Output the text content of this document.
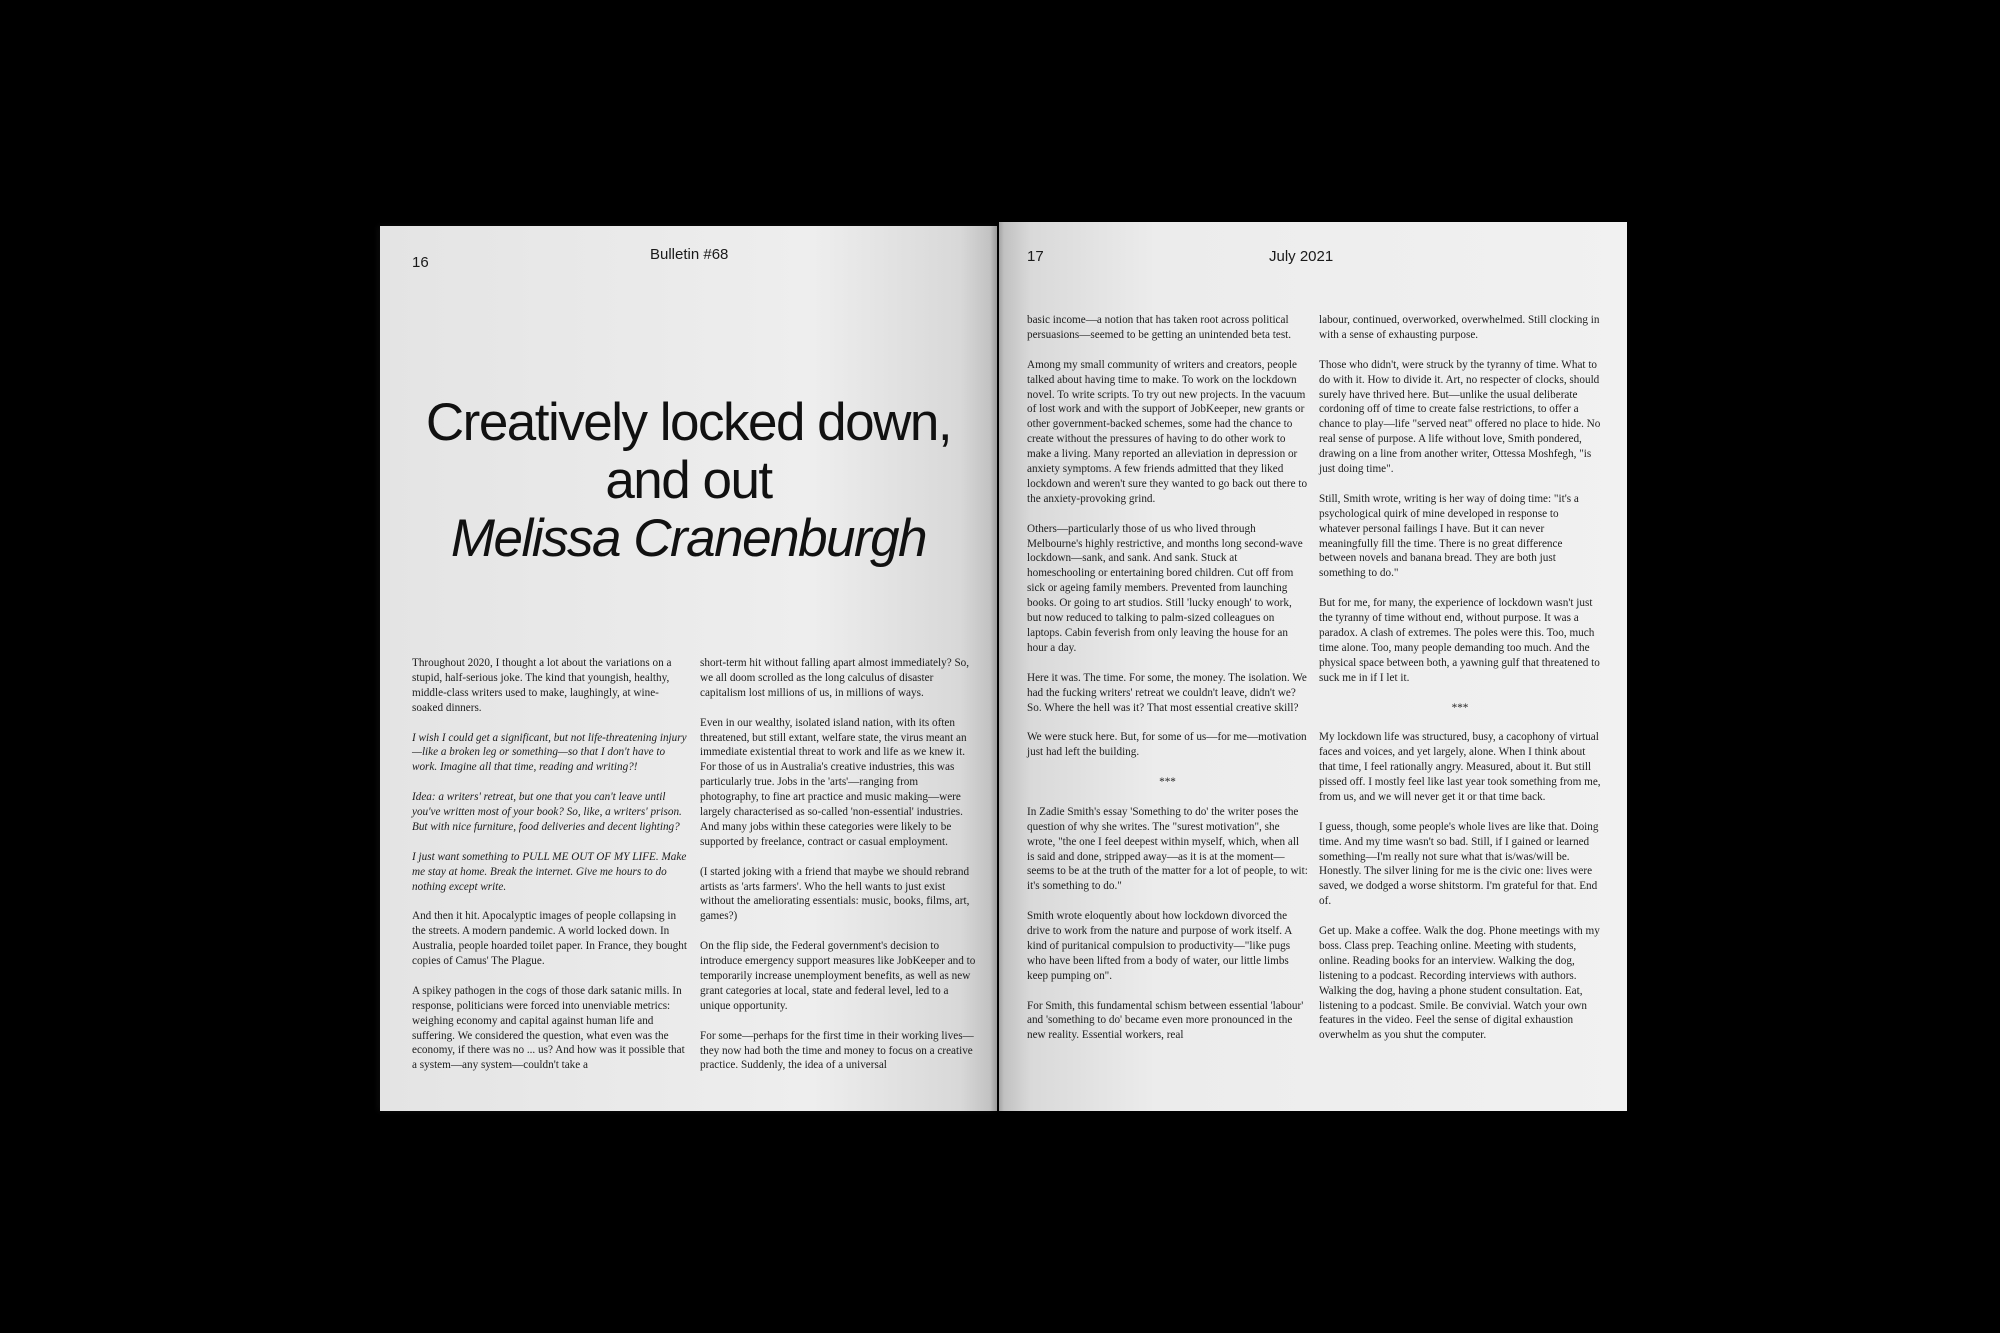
16	Bulletin #68
Creatively locked down,
and out
Melissa Cranenburgh

Throughout 2020, I thought a lot about the variations on a stupid, half-serious joke. The kind that youngish, healthy, middle-class writers used to make, laughingly, at wine-soaked dinners.

I wish I could get a significant, but not life-threatening injury—like a broken leg or something—so that I don't have to work. Imagine all that time, reading and writing?!

Idea: a writers' retreat, but one that you can't leave until you've written most of your book? So, like, a writers' prison. But with nice furniture, food deliveries and decent lighting?

I just want something to PULL ME OUT OF MY LIFE. Make me stay at home. Break the internet. Give me hours to do nothing except write.

And then it hit. Apocalyptic images of people collapsing in the streets. A modern pandemic. A world locked down. In Australia, people hoarded toilet paper. In France, they bought copies of Camus' The Plague.

A spikey pathogen in the cogs of those dark satanic mills. In response, politicians were forced into unenviable metrics: weighing economy and capital against human life and suffering. We considered the question, what even was the economy, if there was no ... us? And how was it possible that a system—any system—couldn't take a

short-term hit without falling apart almost immediately? So, we all doom scrolled as the long calculus of disaster capitalism lost millions of us, in millions of ways.

Even in our wealthy, isolated island nation, with its often threatened, but still extant, welfare state, the virus meant an immediate existential threat to work and life as we knew it. For those of us in Australia's creative industries, this was particularly true. Jobs in the 'arts'—ranging from photography, to fine art practice and music making—were largely characterised as so-called 'non-essential' industries. And many jobs within these categories were likely to be supported by freelance, contract or casual employment.

(I started joking with a friend that maybe we should rebrand artists as 'arts farmers'. Who the hell wants to just exist without the ameliorating essentials: music, books, films, art, games?)

On the flip side, the Federal government's decision to introduce emergency support measures like JobKeeper and to temporarily increase unemployment benefits, as well as new grant categories at local, state and federal level, led to a unique opportunity.

For some—perhaps for the first time in their working lives—they now had both the time and money to focus on a creative practice. Suddenly, the idea of a universal

17	July 2021

basic income—a notion that has taken root across political persuasions—seemed to be getting an unintended beta test.

Among my small community of writers and creators, people talked about having time to make. To work on the lockdown novel. To write scripts. To try out new projects. In the vacuum of lost work and with the support of JobKeeper, new grants or other government-backed schemes, some had the chance to create without the pressures of having to do other work to make a living. Many reported an alleviation in depression or anxiety symptoms. A few friends admitted that they liked lockdown and weren't sure they wanted to go back out there to the anxiety-provoking grind.

Others—particularly those of us who lived through Melbourne's highly restrictive, and months long second-wave lockdown—sank, and sank. And sank. Stuck at homeschooling or entertaining bored children. Cut off from sick or ageing family members. Prevented from launching books. Or going to art studios. Still 'lucky enough' to work, but now reduced to talking to palm-sized colleagues on laptops. Cabin feverish from only leaving the house for an hour a day.

Here it was. The time. For some, the money. The isolation. We had the fucking writers' retreat we couldn't leave, didn't we? So. Where the hell was it? That most essential creative skill?

We were stuck here. But, for some of us—for me—motivation just had left the building.

***

In Zadie Smith's essay 'Something to do' the writer poses the question of why she writes. The "surest motivation", she wrote, "the one I feel deepest within myself, which, when all is said and done, stripped away—as it is at the moment—seems to be at the truth of the matter for a lot of people, to wit: it's something to do."

Smith wrote eloquently about how lockdown divorced the drive to work from the nature and purpose of work itself. A kind of puritanical compulsion to productivity—"like pugs who have been lifted from a body of water, our little limbs keep pumping on".

For Smith, this fundamental schism between essential 'labour' and 'something to do' became even more pronounced in the new reality. Essential workers, real

labour, continued, overworked, overwhelmed. Still clocking in with a sense of exhausting purpose.

Those who didn't, were struck by the tyranny of time. What to do with it. How to divide it. Art, no respecter of clocks, should surely have thrived here. But—unlike the usual deliberate cordoning off of time to create false restrictions, to offer a chance to play—life "served neat" offered no place to hide. No real sense of purpose. A life without love, Smith pondered, drawing on a line from another writer, Ottessa Moshfegh, "is just doing time".

Still, Smith wrote, writing is her way of doing time: "it's a psychological quirk of mine developed in response to whatever personal failings I have. But it can never meaningfully fill the time. There is no great difference between novels and banana bread. They are both just something to do."

But for me, for many, the experience of lockdown wasn't just the tyranny of time without end, without purpose. It was a paradox. A clash of extremes. The poles were this. Too, much time alone. Too, many people demanding too much. And the physical space between both, a yawning gulf that threatened to suck me in if I let it.

***

My lockdown life was structured, busy, a cacophony of virtual faces and voices, and yet largely, alone. When I think about that time, I feel rationally angry. Measured, about it. But still pissed off. I mostly feel like last year took something from me, from us, and we will never get it or that time back.

I guess, though, some people's whole lives are like that. Doing time. And my time wasn't so bad. Still, if I gained or learned something—I'm really not sure what that is/was/will be. Honestly. The silver lining for me is the civic one: lives were saved, we dodged a worse shitstorm. I'm grateful for that. End of.

Get up. Make a coffee. Walk the dog. Phone meetings with my boss. Class prep. Teaching online. Meeting with students, online. Reading books for an interview. Walking the dog, listening to a podcast. Recording interviews with authors. Walking the dog, having a phone student consultation. Eat, listening to a podcast. Smile. Be convivial. Watch your own features in the video. Feel the sense of digital exhaustion overwhelm as you shut the computer.
